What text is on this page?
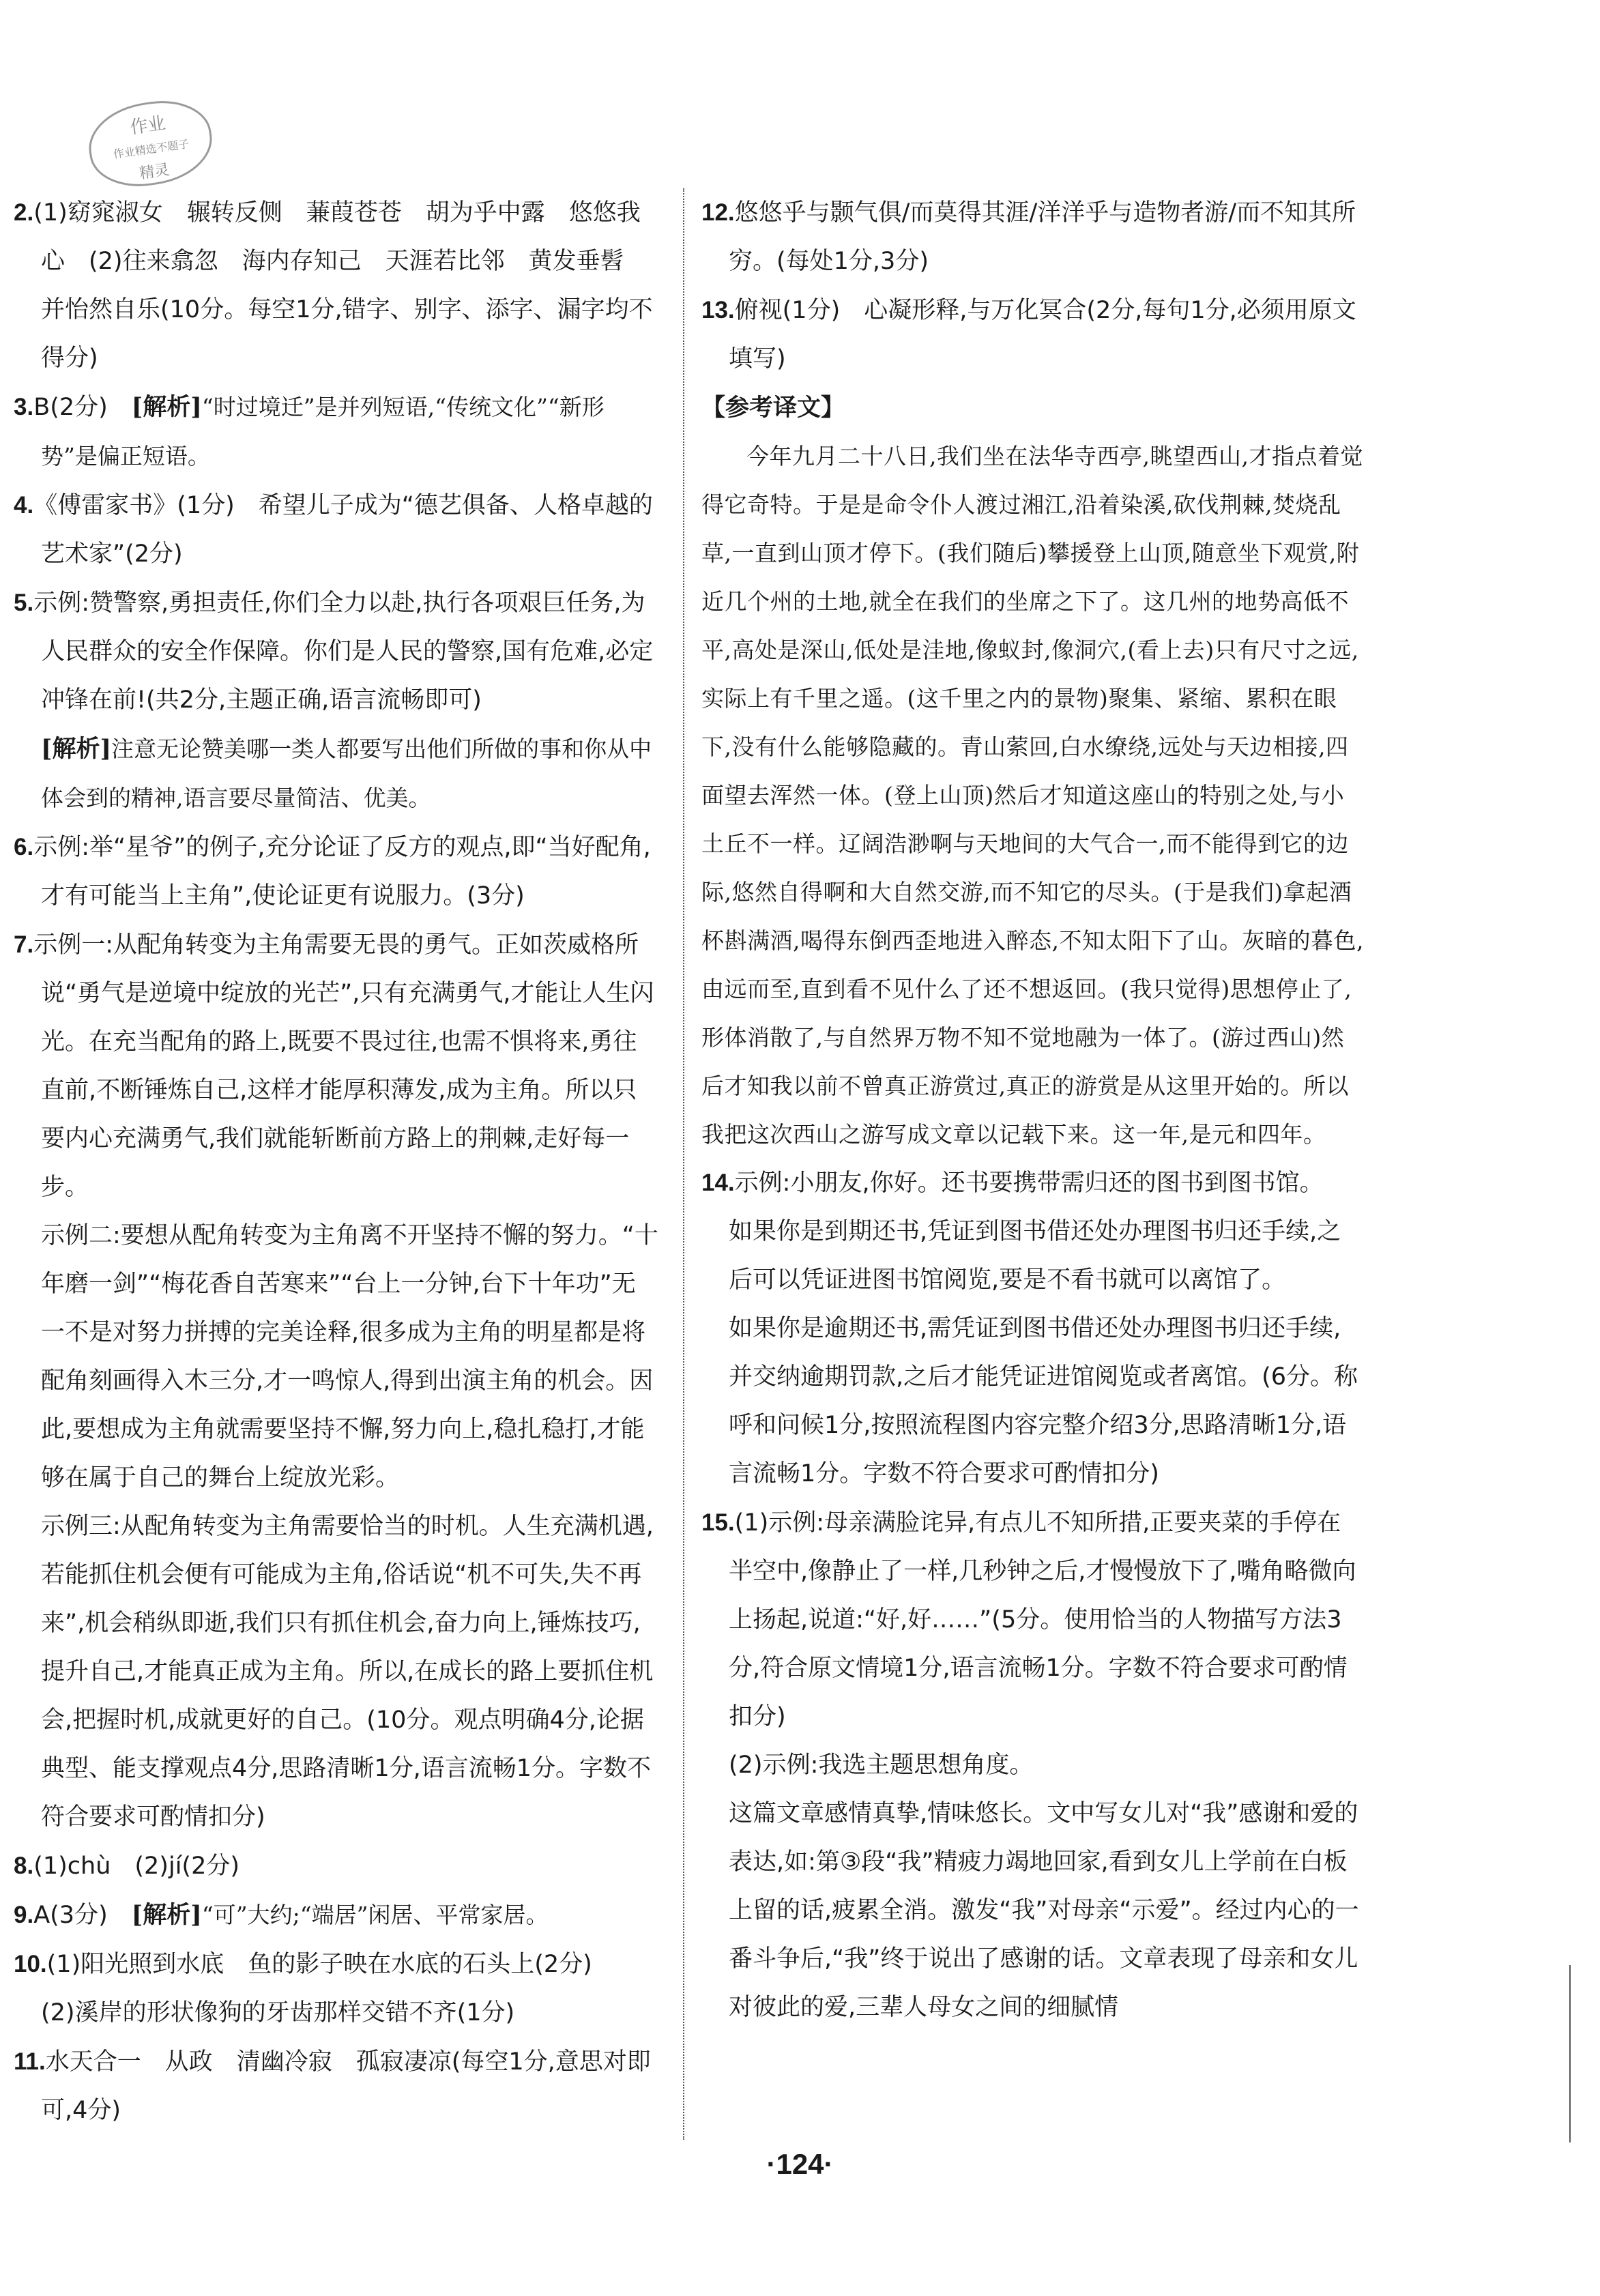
作业
作业精选不题子
精灵
2.(1)窈窕淑女　辗转反侧　蒹葭苍苍　胡为乎中露　悠悠我心　(2)往来翕忽　海内存知己　天涯若比邻　黄发垂髫　并怡然自乐(10分。每空1分,错字、别字、添字、漏字均不得分)
3.B(2分)　[解析]“时过境迁”是并列短语,“传统文化”“新形势”是偏正短语。
4.《傅雷家书》(1分)　希望儿子成为“德艺俱备、人格卓越的艺术家”(2分)
5.示例:赞警察,勇担责任,你们全力以赴,执行各项艰巨任务,为人民群众的安全作保障。你们是人民的警察,国有危难,必定冲锋在前!(共2分,主题正确,语言流畅即可)
[解析]注意无论赞美哪一类人都要写出他们所做的事和你从中体会到的精神,语言要尽量简洁、优美。
6.示例:举“星爷”的例子,充分论证了反方的观点,即“当好配角,才有可能当上主角”,使论证更有说服力。(3分)
7.示例一:从配角转变为主角需要无畏的勇气。正如茨威格所说“勇气是逆境中绽放的光芒”,只有充满勇气,才能让人生闪光。在充当配角的路上,既要不畏过往,也需不惧将来,勇往直前,不断锤炼自己,这样才能厚积薄发,成为主角。所以只要内心充满勇气,我们就能斩断前方路上的荆棘,走好每一步。
示例二:要想从配角转变为主角离不开坚持不懈的努力。“十年磨一剑”“梅花香自苦寒来”“台上一分钟,台下十年功”无一不是对努力拼搏的完美诠释,很多成为主角的明星都是将配角刻画得入木三分,才一鸣惊人,得到出演主角的机会。因此,要想成为主角就需要坚持不懈,努力向上,稳扎稳打,才能够在属于自己的舞台上绽放光彩。
示例三:从配角转变为主角需要恰当的时机。人生充满机遇,若能抓住机会便有可能成为主角,俗话说“机不可失,失不再来”,机会稍纵即逝,我们只有抓住机会,奋力向上,锤炼技巧,提升自己,才能真正成为主角。所以,在成长的路上要抓住机会,把握时机,成就更好的自己。(10分。观点明确4分,论据典型、能支撑观点4分,思路清晰1分,语言流畅1分。字数不符合要求可酌情扣分)
8.(1)chù　(2)jí(2分)
9.A(3分)　[解析]“可”大约;“端居”闲居、平常家居。
10.(1)阳光照到水底　鱼的影子映在水底的石头上(2分)
(2)溪岸的形状像狗的牙齿那样交错不齐(1分)
11.水天合一　从政　清幽冷寂　孤寂凄凉(每空1分,意思对即可,4分)
12.悠悠乎与颢气俱/而莫得其涯/洋洋乎与造物者游/而不知其所穷。(每处1分,3分)
13.俯视(1分)　心凝形释,与万化冥合(2分,每句1分,必须用原文填写)
【参考译文】
今年九月二十八日,我们坐在法华寺西亭,眺望西山,才指点着觉得它奇特。于是是命令仆人渡过湘江,沿着染溪,砍伐荆棘,焚烧乱草,一直到山顶才停下。(我们随后)攀援登上山顶,随意坐下观赏,附近几个州的土地,就全在我们的坐席之下了。这几州的地势高低不平,高处是深山,低处是洼地,像蚁封,像洞穴,(看上去)只有尺寸之远,实际上有千里之遥。(这千里之内的景物)聚集、紧缩、累积在眼下,没有什么能够隐藏的。青山萦回,白水缭绕,远处与天边相接,四面望去浑然一体。(登上山顶)然后才知道这座山的特别之处,与小土丘不一样。辽阔浩渺啊与天地间的大气合一,而不能得到它的边际,悠然自得啊和大自然交游,而不知它的尽头。(于是我们)拿起酒杯斟满酒,喝得东倒西歪地进入醉态,不知太阳下了山。灰暗的暮色,由远而至,直到看不见什么了还不想返回。(我只觉得)思想停止了,形体消散了,与自然界万物不知不觉地融为一体了。(游过西山)然后才知我以前不曾真正游赏过,真正的游赏是从这里开始的。所以我把这次西山之游写成文章以记载下来。这一年,是元和四年。
14.示例:小朋友,你好。还书要携带需归还的图书到图书馆。
如果你是到期还书,凭证到图书借还处办理图书归还手续,之后可以凭证进图书馆阅览,要是不看书就可以离馆了。
如果你是逾期还书,需凭证到图书借还处办理图书归还手续,并交纳逾期罚款,之后才能凭证进馆阅览或者离馆。(6分。称呼和问候1分,按照流程图内容完整介绍3分,思路清晰1分,语言流畅1分。字数不符合要求可酌情扣分)
15.(1)示例:母亲满脸诧异,有点儿不知所措,正要夹菜的手停在半空中,像静止了一样,几秒钟之后,才慢慢放下了,嘴角略微向上扬起,说道:“好,好……”(5分。使用恰当的人物描写方法3分,符合原文情境1分,语言流畅1分。字数不符合要求可酌情扣分)
(2)示例:我选主题思想角度。
这篇文章感情真挚,情味悠长。文中写女儿对“我”感谢和爱的表达,如:第③段“我”精疲力竭地回家,看到女儿上学前在白板上留的话,疲累全消。激发“我”对母亲“示爱”。经过内心的一番斗争后,“我”终于说出了感谢的话。文章表现了母亲和女儿对彼此的爱,三辈人母女之间的细腻情
·124·
